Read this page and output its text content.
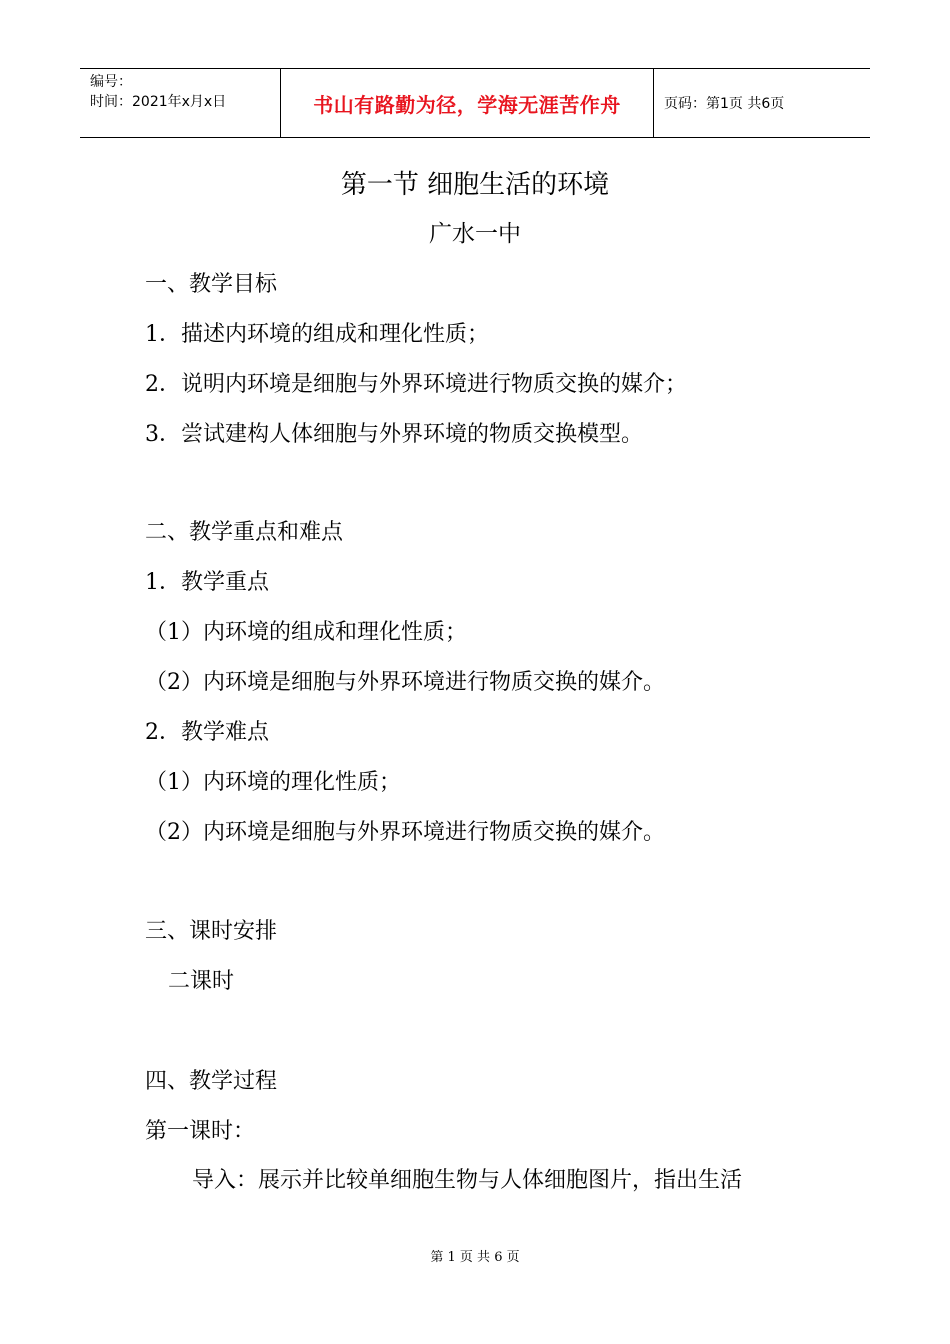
编号：
时间：2021年x月x日	书山有路勤为径，学海无涯苦作舟	页码：第1页 共6页
第一节 细胞生活的环境
广水一中
一、教学目标
1．描述内环境的组成和理化性质；
2．说明内环境是细胞与外界环境进行物质交换的媒介；
3．尝试建构人体细胞与外界环境的物质交换模型。
二、教学重点和难点
1．教学重点
（1）内环境的组成和理化性质；
（2）内环境是细胞与外界环境进行物质交换的媒介。
2．教学难点
（1）内环境的理化性质；
（2）内环境是细胞与外界环境进行物质交换的媒介。
三、课时安排
二课时
四、教学过程
第一课时：
导入：展示并比较单细胞生物与人体细胞图片，指出生活
第 1 页 共 6 页
